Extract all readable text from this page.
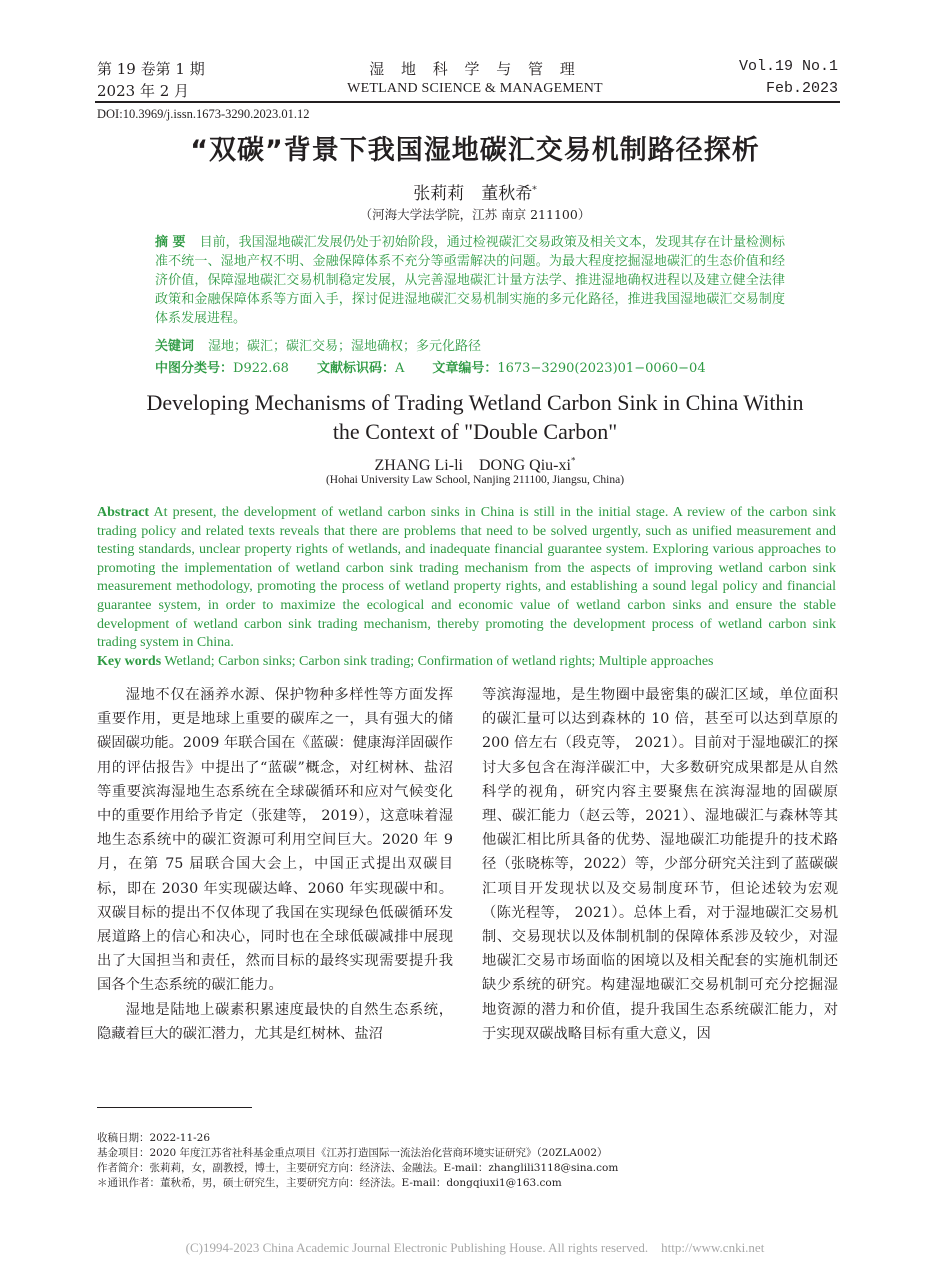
第 19 卷第 1 期
2023 年 2 月
湿 地 科 学 与 管 理
WETLAND SCIENCE & MANAGEMENT
Vol.19 No.1
Feb.2023
DOI:10.3969/j.issn.1673-3290.2023.01.12
“双碳”背景下我国湿地碳汇交易机制路径探析
张莉莉　董秋希*
（河海大学法学院，江苏 南京 211100）
摘 要 目前，我国湿地碳汇发展仍处于初始阶段，通过检视碳汇交易政策及相关文本，发现其存在计量检测标准不统一、湿地产权不明、金融保障体系不充分等亟需解决的问题。为最大程度挖掘湿地碳汇的生态价值和经济价值，保障湿地碳汇交易机制稳定发展，从完善湿地碳汇计量方法学、推进湿地确权进程以及建立健全法律政策和金融保障体系等方面入手，探讨促进湿地碳汇交易机制实施的多元化路径，推进我国湿地碳汇交易制度体系发展进程。
关键词 湿地；碳汇；碳汇交易；湿地确权；多元化路径
中图分类号：D922.68 文献标识码：A 文章编号：1673−3290(2023)01−0060−04
Developing Mechanisms of Trading Wetland Carbon Sink in China Within the Context of "Double Carbon"
ZHANG Li-li　DONG Qiu-xi*
(Hohai University Law School, Nanjing 211100, Jiangsu, China)
Abstract At present, the development of wetland carbon sinks in China is still in the initial stage. A review of the carbon sink trading policy and related texts reveals that there are problems that need to be solved urgently, such as unified measurement and testing standards, unclear property rights of wetlands, and inadequate financial guarantee system. Exploring various approaches to promoting the implementation of wetland carbon sink trading mechanism from the aspects of improving wetland carbon sink measurement methodology, promoting the process of wetland property rights, and establishing a sound legal policy and financial guarantee system, in order to maximize the ecological and economic value of wetland carbon sinks and ensure the stable development of wetland carbon sink trading mechanism, thereby promoting the development process of wetland carbon sink trading system in China.
Key words Wetland; Carbon sinks; Carbon sink trading; Confirmation of wetland rights; Multiple approaches

湿地不仅在涵养水源、保护物种多样性等方面发挥重要作用，更是地球上重要的碳库之一，具有强大的储碳固碳功能。2009 年联合国在《蓝碳：健康海洋固碳作用的评估报告》中提出了“蓝碳”概念，对红树林、盐沼等重要滨海湿地生态系统在全球碳循环和应对气候变化中的重要作用给予肯定（张建等， 2019），这意味着湿地生态系统中的碳汇资源可利用空间巨大。2020 年 9 月，在第 75 届联合国大会上，中国正式提出双碳目标，即在 2030 年实现碳达峰、2060 年实现碳中和。双碳目标的提出不仅体现了我国在实现绿色低碳循环发展道路上的信心和决心，同时也在全球低碳减排中展现出了大国担当和责任，然而目标的最终实现需要提升我国各个生态系统的碳汇能力。

湿地是陆地上碳素积累速度最快的自然生态系统，隐藏着巨大的碳汇潜力，尤其是红树林、盐沼

等滨海湿地，是生物圈中最密集的碳汇区域，单位面积的碳汇量可以达到森林的 10 倍，甚至可以达到草原的 200 倍左右（段克等， 2021）。目前对于湿地碳汇的探讨大多包含在海洋碳汇中，大多数研究成果都是从自然科学的视角，研究内容主要聚焦在滨海湿地的固碳原理、碳汇能力（赵云等，2021）、湿地碳汇与森林等其他碳汇相比所具备的优势、湿地碳汇功能提升的技术路径（张晓栋等，2022）等，少部分研究关注到了蓝碳碳汇项目开发现状以及交易制度环节，但论述较为宏观（陈光程等， 2021）。总体上看，对于湿地碳汇交易机制、交易现状以及体制机制的保障体系涉及较少，对湿地碳汇交易市场面临的困境以及相关配套的实施机制还缺少系统的研究。构建湿地碳汇交易机制可充分挖掘湿地资源的潜力和价值，提升我国生态系统碳汇能力，对于实现双碳战略目标有重大意义，因

收稿日期：2022-11-26
基金项目：2020 年度江苏省社科基金重点项目《江苏打造国际一流法治化营商环境实证研究》（20ZLA002）
作者简介：张莉莉，女，副教授，博士，主要研究方向：经济法、金融法。E-mail：zhanglili3118@sina.com
＊通讯作者：董秋希，男，硕士研究生，主要研究方向：经济法。E-mail：dongqiuxi1@163.com
(C)1994-2023 China Academic Journal Electronic Publishing House. All rights reserved.　http://www.cnki.net
